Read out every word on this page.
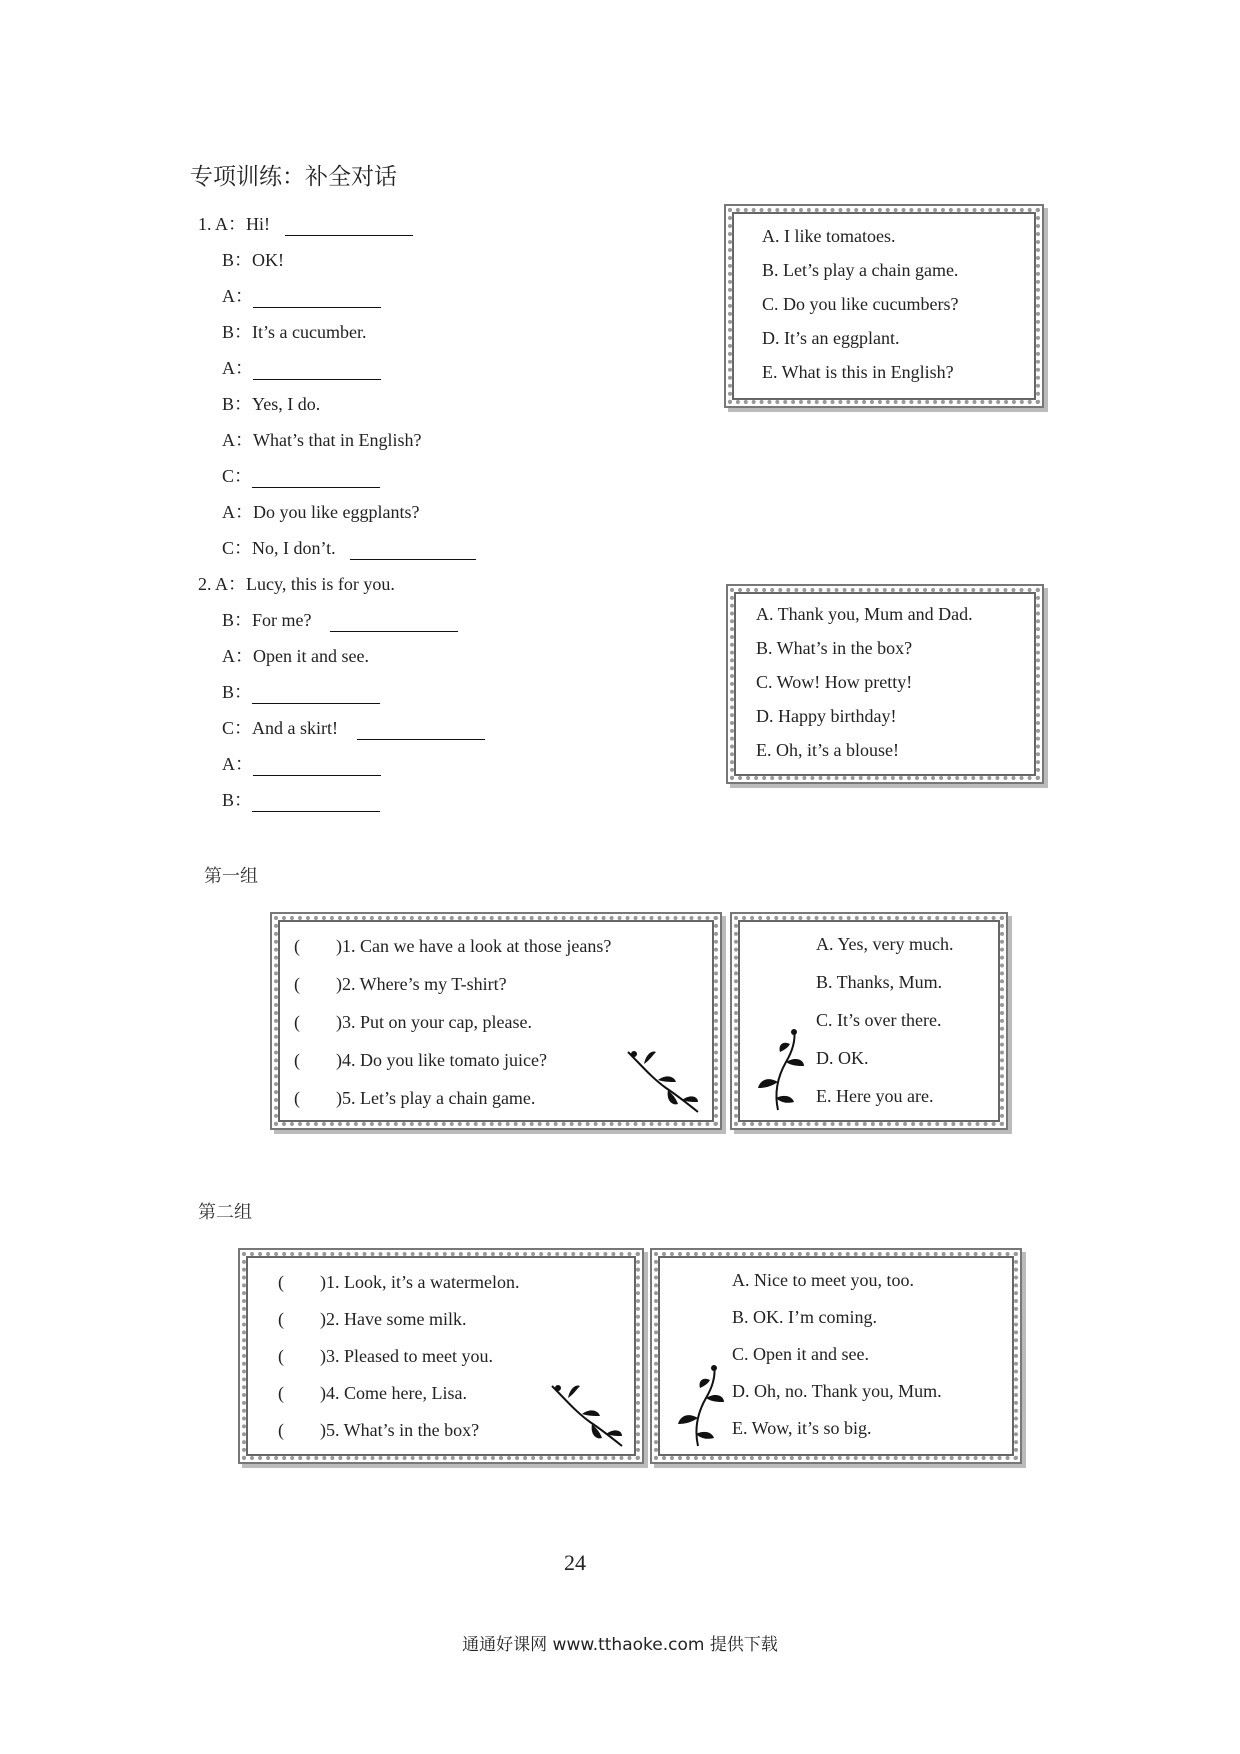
专项训练：补全对话
1. A：Hi!
B：OK!
A：
B：It’s a cucumber.
A：
B：Yes, I do.
A：What’s that in English?
C：
A：Do you like eggplants?
C：No, I don’t.
A. I like tomatoes.
B. Let’s play a chain game.
C. Do you like cucumbers?
D. It’s an eggplant.
E. What is this in English?
2. A：Lucy, this is for you.
B：For me?
A：Open it and see.
B：
C：And a skirt!
A：
B：
A. Thank you, Mum and Dad.
B. What’s in the box?
C. Wow! How pretty!
D. Happy birthday!
E. Oh, it’s a blouse!
第一组
(　　)1. Can we have a look at those jeans?
(　　)2. Where’s my T-shirt?
(　　)3. Put on your cap, please.
(　　)4. Do you like tomato juice?
(　　)5. Let’s play a chain game.
A. Yes, very much.
B. Thanks, Mum.
C. It’s over there.
D. OK.
E. Here you are.
第二组
(　　)1. Look, it’s a watermelon.
(　　)2. Have some milk.
(　　)3. Pleased to meet you.
(　　)4. Come here, Lisa.
(　　)5. What’s in the box?
A. Nice to meet you, too.
B. OK. I’m coming.
C. Open it and see.
D. Oh, no. Thank you, Mum.
E. Wow, it’s so big.
24
通通好课网 www.tthaoke.com 提供下载
